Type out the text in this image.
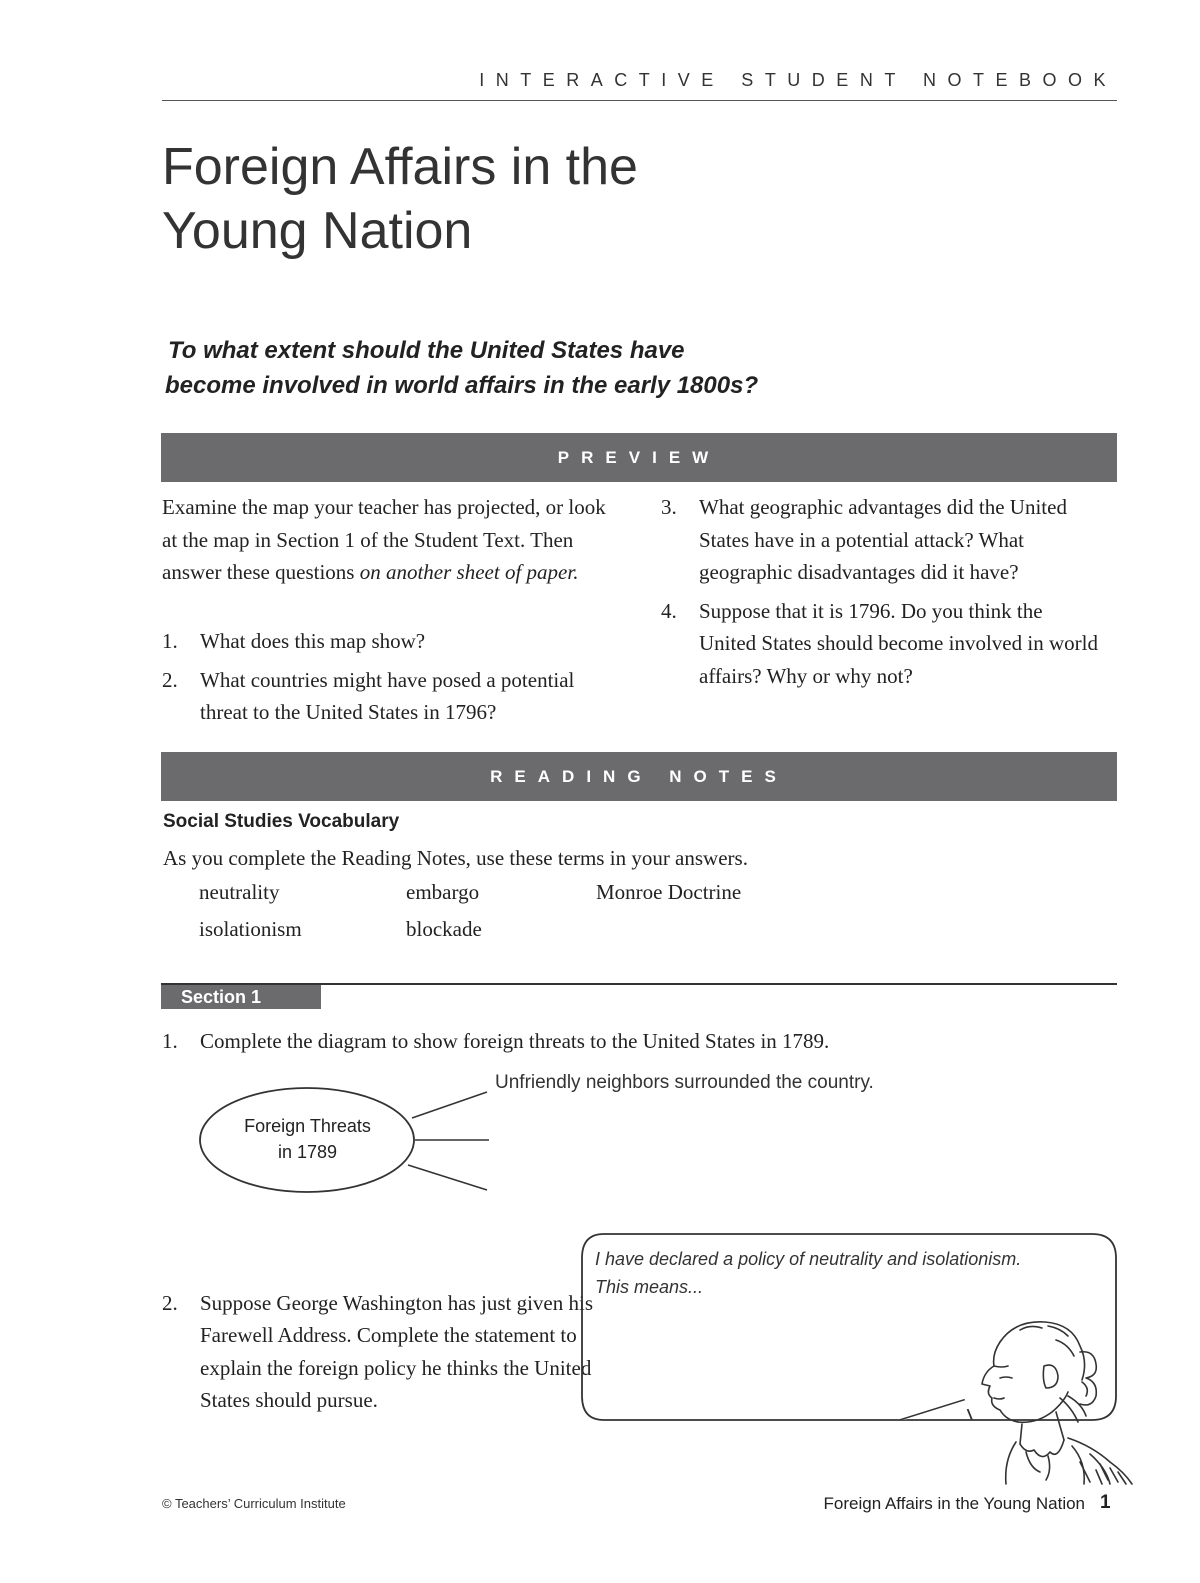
INTERACTIVE STUDENT NOTEBOOK
Foreign Affairs in the
Young Nation
To what extent should the United States have
become involved in world affairs in the early 1800s?
PREVIEW
Examine the map your teacher has projected, or look at the map in Section 1 of the Student Text. Then answer these questions on another sheet of paper.
1. What does this map show?
2. What countries might have posed a potential threat to the United States in 1796?
3. What geographic advantages did the United States have in a potential attack? What geographic disadvantages did it have?
4. Suppose that it is 1796. Do you think the United States should become involved in world affairs? Why or why not?
READING NOTES
Social Studies Vocabulary
As you complete the Reading Notes, use these terms in your answers.
neutrality	embargo	Monroe Doctrine
isolationism	blockade
Section 1
1. Complete the diagram to show foreign threats to the United States in 1789.
Foreign Threats
in 1789
Unfriendly neighbors surrounded the country.
2. Suppose George Washington has just given his Farewell Address. Complete the statement to explain the foreign policy he thinks the United States should pursue.
I have declared a policy of neutrality and isolationism.
This means...
© Teachers’ Curriculum Institute	Foreign Affairs in the Young Nation 1
